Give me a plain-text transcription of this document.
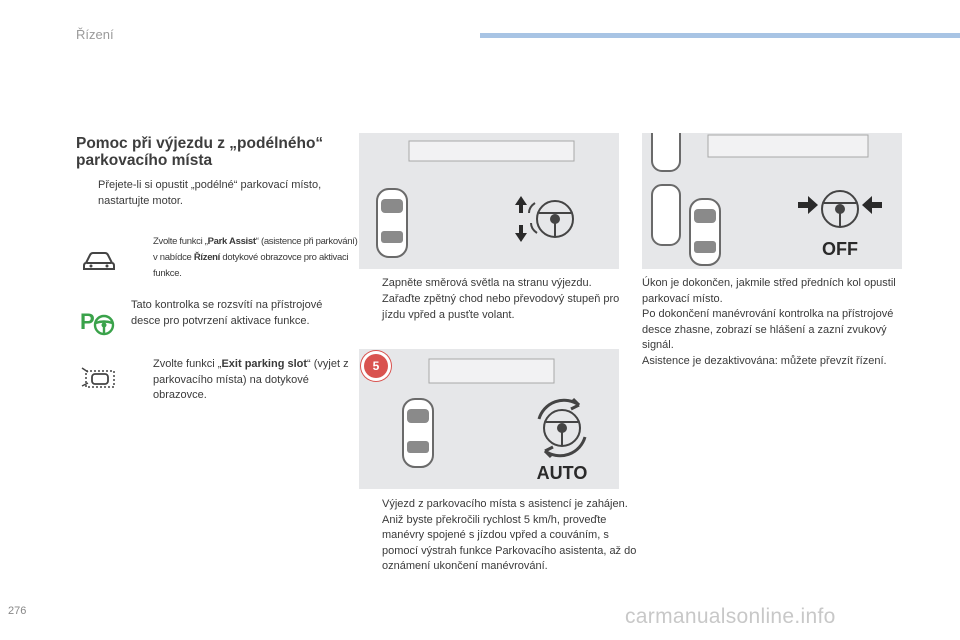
Řízení
Pomoc při výjezdu z „podélného“
parkovacího místa
Přejete-li si opustit „podélné“ parkovací místo, nastartujte motor.
Zvolte funkci „Park Assist“ (asistence při parkování) v nabídce Řízení dotykové obrazovce pro aktivaci funkce.
P
Tato kontrolka se rozsvítí na přístrojové desce pro potvrzení aktivace funkce.
Zvolte funkci „Exit parking slot“ (vyjet z parkovacího místa) na dotykové obrazovce.
Zapněte směrová světla na stranu výjezdu.
Zařaďte zpětný chod nebo převodový stupeň pro jízdu vpřed a pusťte volant.
AUTO
5
Výjezd z parkovacího místa s asistencí je zahájen. Aniž byste překročili rychlost 5 km/h, proveďte manévry spojené s jízdou vpřed a couváním, s pomocí výstrah funkce Parkovacího asistenta, až do oznámení ukončení manévrování.
OFF
Úkon je dokončen, jakmile střed předních kol opustil parkovací místo.
Po dokončení manévrování kontrolka na přístrojové desce zhasne, zobrazí se hlášení a zazní zvukový signál.
Asistence je dezaktivována: můžete převzít řízení.
276	carmanualsonline.info
